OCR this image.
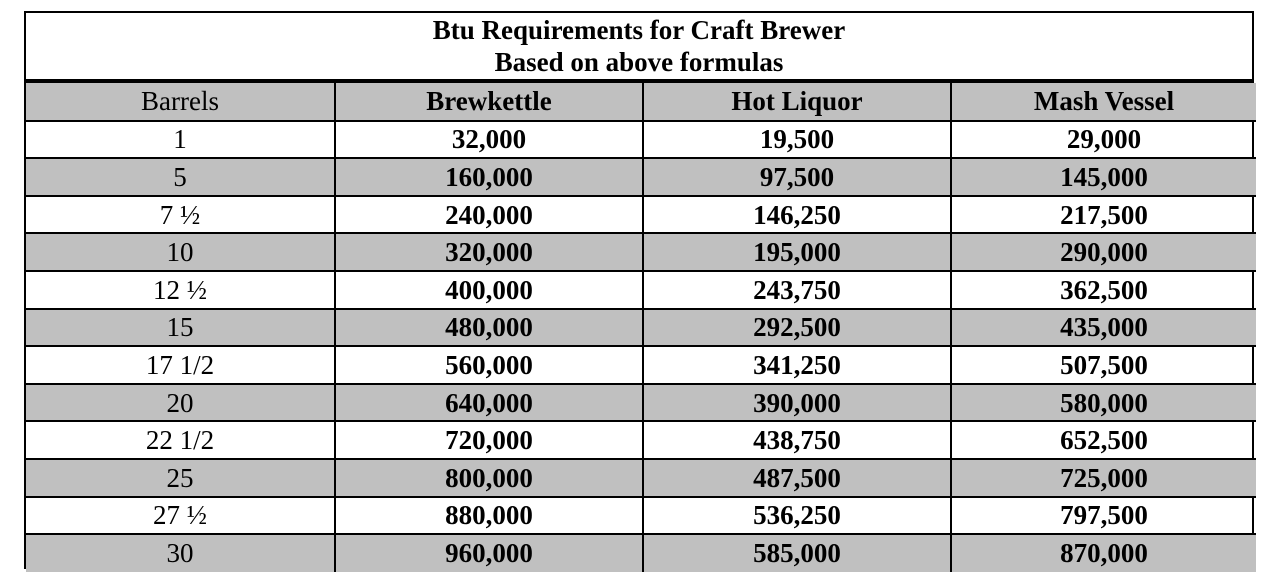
Btu Requirements for Craft Brewer
Based on above formulas
Barrels	Brewkettle	Hot Liquor	Mash Vessel
1	32,000	19,500	29,000
5	160,000	97,500	145,000
7 ½	240,000	146,250	217,500
10	320,000	195,000	290,000
12 ½	400,000	243,750	362,500
15	480,000	292,500	435,000
17 1/2	560,000	341,250	507,500
20	640,000	390,000	580,000
22 1/2	720,000	438,750	652,500
25	800,000	487,500	725,000
27 ½	880,000	536,250	797,500
30	960,000	585,000	870,000
